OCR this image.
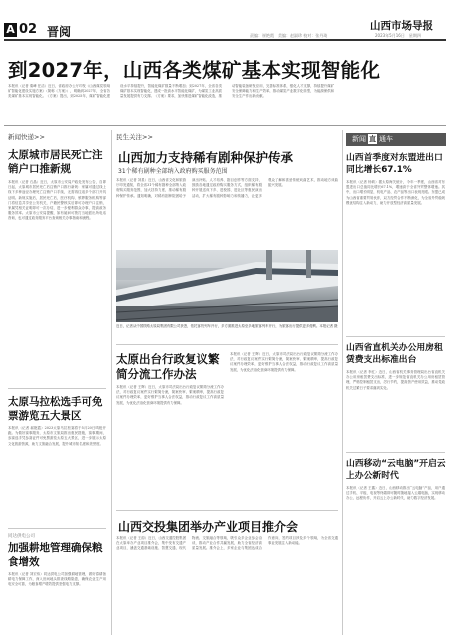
A 02 晋阅	山西市场导报
责编：崔艳霞　美编：赵淑珍 校对：张丹琦	2023年5月16日　星期四
到2027年，山西各类煤矿基本实现智能化
本报讯（记者 秦峰 任洁）近日，省政府办公厅印发《山西煤炭领域矿智能化建设实施方案》（简称《方案》），明确到2027年，全省各类煤矿基本实现智能化。《方案》提出，到2025年，煤矿智能化建设水平持续提升，智能化煤矿数量不断增加；到2027年，全省各类煤矿基本实现智能化，建成一批高水平智能化煤矿，为煤炭工业高质量发展提供有力支撑。《方案》要求，加快推进煤矿智能化改造，推动智能装备研发应用，完善标准体系，强化人才支撑，持续提升煤矿安全保障能力和生产效率，推动煤炭产业数字化转型，为能源保供和安全生产作出新贡献。
新闻快递>>
太原城市居民死亡注销户口推新规
本报讯（记者 石晶）近日，太原市公安局户政处发布公告，自即日起，太原城市居民死亡后注销户口推行新规：家属可通过线上线下多种途径办理死亡注销户口手续，无需再往返多个部门开具证明。新规实施后，居民死亡后，医疗机构、殡葬服务机构等部门将信息共享至公安机关，户籍民警核实后即可办理户口注销，家属凭相关证明即可一次办结，进一步便利群众办事，提高政务服务效率。太原市公安局提醒，如有疑问可拨打当地派出所电话咨询，也可通过政务服务平台查询相关办事指南和流程。
太原马拉松选手可免票游览五大景区
本报讯（记者 郝艳霞）2023太原马拉松赛将于5月20日鸣枪开跑。为做好赛事服务，太原市文旅局推出惠民措施，赛事期间，参赛选手凭参赛证件可免票游览太原五大景区，进一步展示太原文化旅游资源，助力文旅融合发展，提升城市知名度和美誉度。
同达供电公司
加强耕地管理确保粮食增效
本报讯（记者 刘宏伟）同达供电公司加强耕地管理，做好春耕备耕电力保障工作，深入田间地头排查线路隐患，确保农业生产用电安全可靠，为粮食增产增效提供坚强电力支撑。
民生关注>>
山西加力支持稀有剧种保护传承
31个稀有剧种全部纳入政府购买服务范围
本报讯（记者 刘星）近日，山西省文化和旅游厅印发通知，将全省31个稀有剧种全部纳入政府购买服务范围，加大扶持力度，推动稀有剧种保护传承。通知明确，对稀有剧种院团给予演出补贴、人才培养、剧目创作等方面支持，鼓励各地通过政府购买服务方式，组织稀有剧种开展送戏下乡、进校园、进社区等惠民演出活动，扩大稀有剧种影响力和传播力，让更多观众了解和喜爱传统戏曲艺术，推动地方戏曲振兴发展。
近日，记者从中国铁路太原局集团有限公司获悉，依托客货列车开行，多方面推进太原至多地旅客列车开行，为旅客出行提供更多便利。本报记者 摄
太原出台行政复议繁简分流工作办法
本报讯（记者 王辉）近日，太原市司法局出台行政复议繁简分流工作办法，对行政复议案件实行繁简分流，简案快审、繁案精审，提高行政复议案件办理效率，更好维护当事人合法权益，推动行政复议工作高质量发展，为优化法治化营商环境提供有力保障。
本报讯（记者 王辉）近日，太原市司法局出台行政复议繁简分流工作办法，对行政复议案件实行繁简分流，简案快审、繁案精审，提高行政复议案件办理效率，更好维护当事人合法权益，推动行政复议工作高质量发展，为优化法治化营商环境提供有力保障。
山西交投集团举办产业项目推介会
本报讯（记者 王韵）近日，山西交通控股集团在太原举办产业项目推介会，集中发布交通产业项目，涵盖交通基础设施、智慧交通、现代物流、交旅融合等领域，吸引众多企业参会洽谈，推动产业合作共赢发展，助力全省经济高质量发展。推介会上，多家企业与集团达成合作意向，签约项目涉及多个领域，为全省交通事业发展注入新动能。
新闻 直 通车
山西首季度对东盟进出口同比增长67.1%
本报讯（记者 杨莉）据太原海关统计，今年一季度，山西省对东盟进出口总值同比增长67.1%，增速高于全省外贸整体增速。其中，出口增长明显，机电产品、农产品等出口表现亮眼。东盟已成为山西省重要贸易伙伴，双方经贸合作不断深化，为全省外贸稳规模优结构注入新动力，助力开放型经济高质量发展。
山西省直机关办公用房租赁费支出标准出台
本报讯（记者 李红）近日，山西省机关事务管理局出台省直机关办公用房租赁费支出标准，进一步规范省直机关办公用房租赁管理，严格控制租赁支出，厉行节约，提高资产使用效益，推动党政机关过紧日子要求落到实处。
山西移动“云电脑”开启云上办公新时代
本报讯（记者 王鑫）近日，山西移动推出“云电脑”产品，用户通过手机、平板、电视等终端即可随时随地接入云端电脑，实现移动办公、远程协作，开启云上办公新时代，助力数字经济发展。
